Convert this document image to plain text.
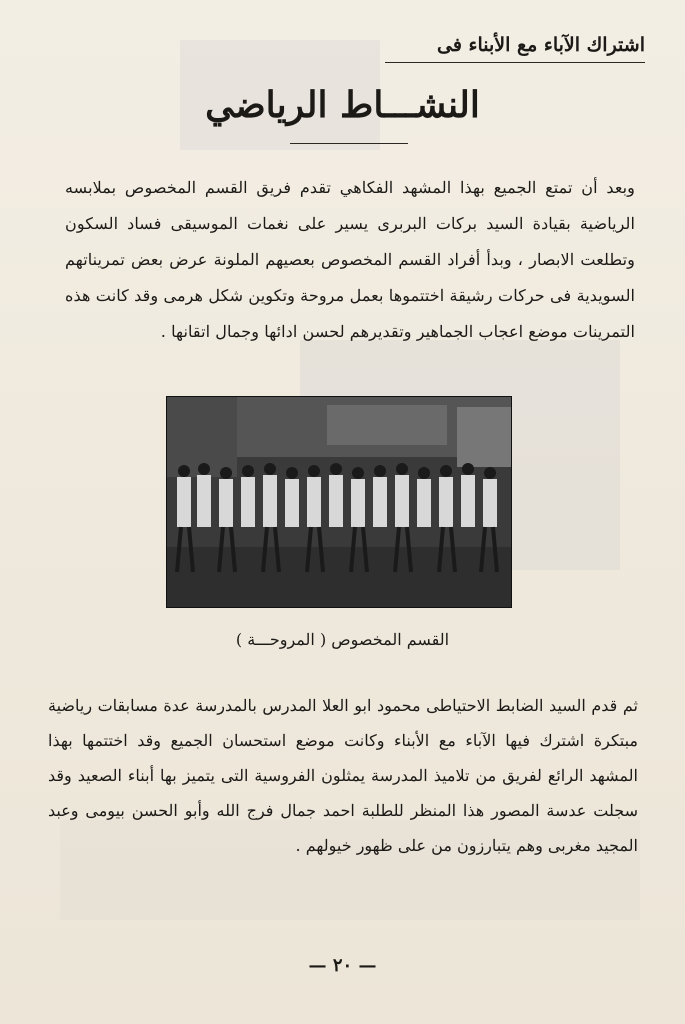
اشتراك الآباء مع الأبناء فى
النشـــاط الرياضي
وبعد أن تمتع الجميع بهذا المشهد الفكاهي تقدم فريق القسم المخصوص بملابسه الرياضية بقيادة السيد بركات البربرى يسير على نغمات الموسيقى فساد السكون وتطلعت الابصار ، وبدأ أفراد القسم المخصوص بعصيهم الملونة عرض بعض تمريناتهم السويدية فى حركات رشيقة اختتموها بعمل مروحة وتكوين شكل هرمى وقد كانت هذه التمرينات موضع اعجاب الجماهير وتقديرهم لحسن ادائها وجمال اتقانها .
القسم المخصوص ( المروحـــة )
ثم قدم السيد الضابط الاحتياطى محمود ابو العلا المدرس بالمدرسة عدة مسابقات رياضية مبتكرة اشترك فيها الآباء مع الأبناء وكانت موضع استحسان الجميع وقد اختتمها بهذا المشهد الرائع لفريق من تلاميذ المدرسة يمثلون الفروسية التى يتميز بها أبناء الصعيد وقد سجلت عدسة المصور هذا المنظر للطلبة احمد جمال فرج الله وأبو الحسن بيومى وعبد المجيد مغربى وهم يتبارزون من على ظهور خيولهم .
— ٢٠ —
